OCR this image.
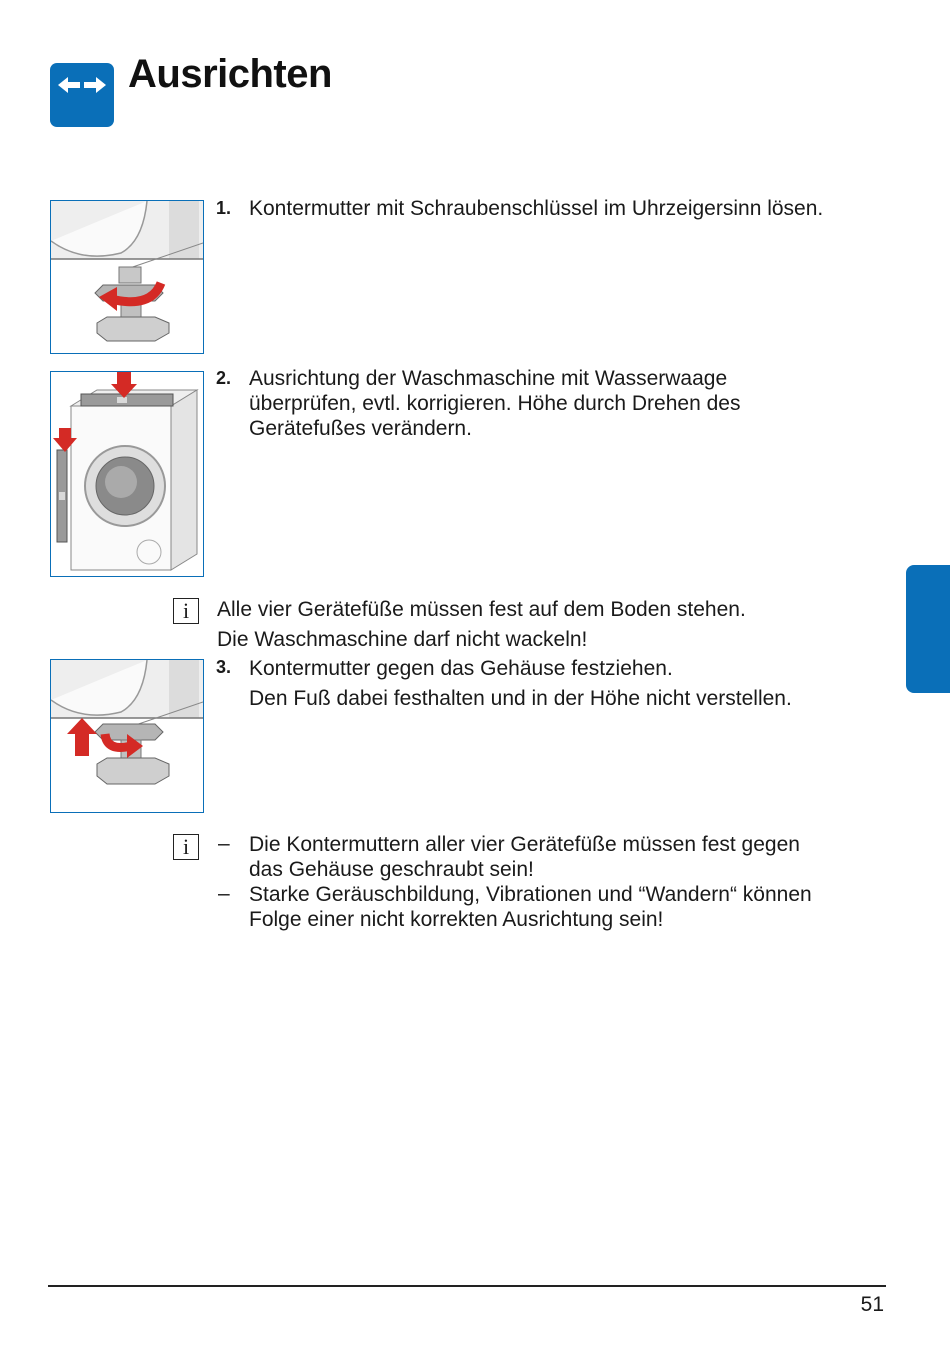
Ausrichten
1. Kontermutter mit Schraubenschlüssel im Uhrzeigersinn lösen.

2. Ausrichtung der Waschmaschine mit Wasserwaage
überprüfen, evtl. korrigieren. Höhe durch Drehen des
Gerätefußes verändern.

i	Alle vier Gerätefüße müssen fest auf dem Boden stehen.
Die Waschmaschine darf nicht wackeln!

3. Kontermutter gegen das Gehäuse festziehen.
Den Fuß dabei festhalten und in der Höhe nicht verstellen.

i	– Die Kontermuttern aller vier Gerätefüße müssen fest gegen
das Gehäuse geschraubt sein!

– Starke Geräuschbildung, Vibrationen und “Wandern“ können
Folge einer nicht korrekten Ausrichtung sein!

51
